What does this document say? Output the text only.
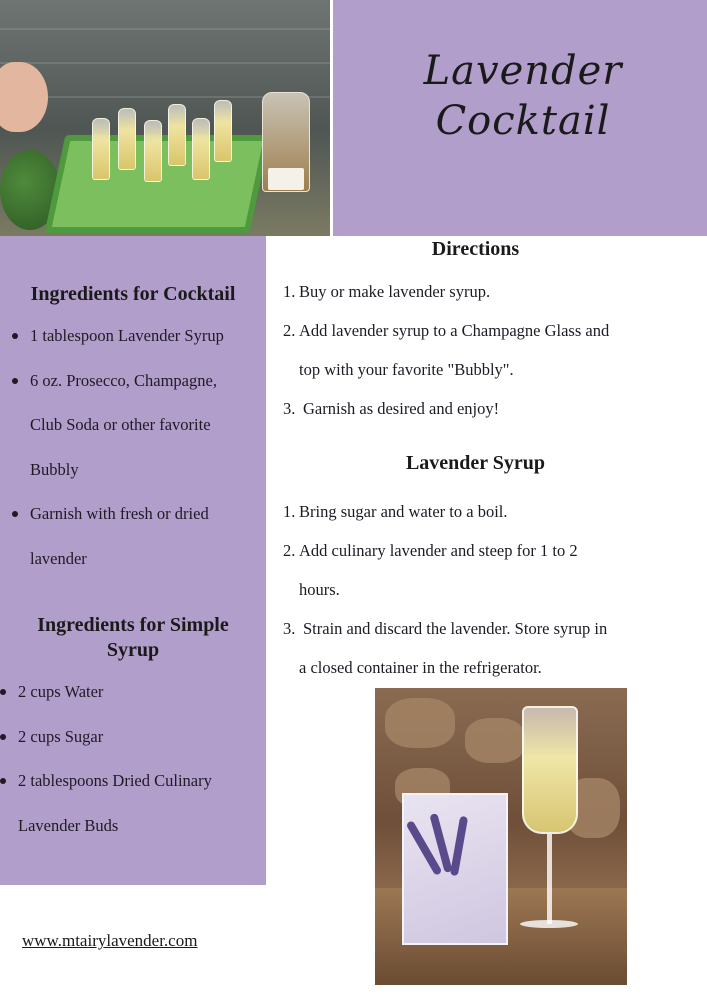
Lavender
Cocktail
Ingredients for Cocktail
1 tablespoon Lavender Syrup
6 oz. Prosecco, Champagne,
Club Soda or other favorite
Bubbly
Garnish with fresh or dried
lavender
Ingredients for Simple
Syrup
2 cups Water
2 cups Sugar
2 tablespoons Dried Culinary
Lavender Buds
Directions
1. Buy or make lavender syrup.
2. Add lavender syrup to a Champagne Glass and
top with your favorite "Bubbly".
3. Garnish as desired and enjoy!
Lavender Syrup
1. Bring sugar and water to a boil.
2. Add culinary lavender and steep for 1 to 2
hours.
3. Strain and discard the lavender. Store syrup in
a closed container in the refrigerator.
www.mtairylavender.com
